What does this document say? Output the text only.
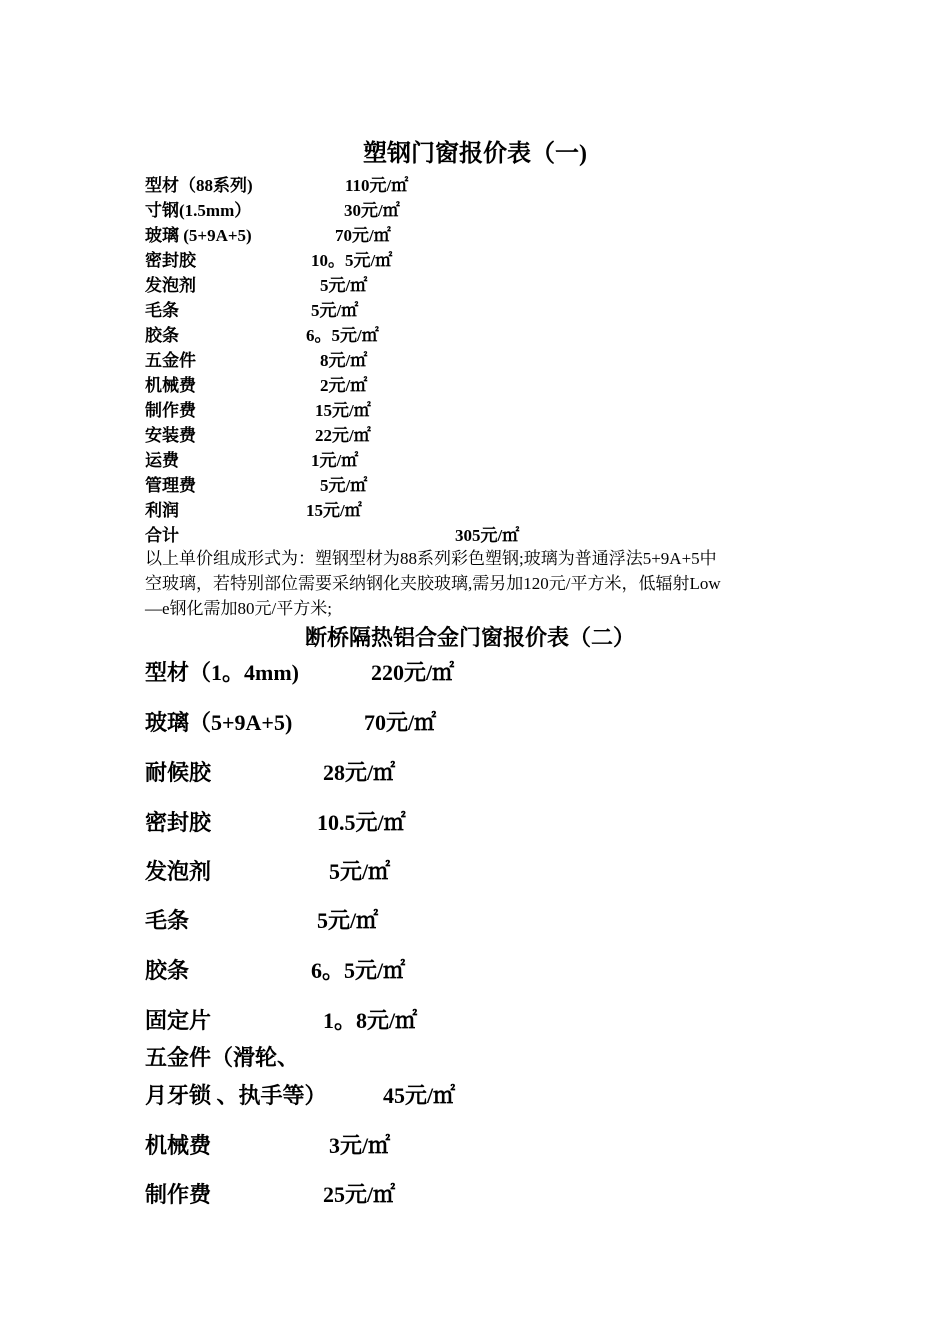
塑钢门窗报价表（一)
型材（88系列)	110元/㎡
寸钢(1.5mm）	30元/㎡
玻璃 (5+9A+5)	70元/㎡
密封胶	10。5元/㎡
发泡剂	5元/㎡
毛条	5元/㎡
胶条	6。5元/㎡
五金件	8元/㎡
机械费	2元/㎡
制作费	15元/㎡
安装费	22元/㎡
运费	1元/㎡
管理费	5元/㎡
利润	15元/㎡
合计	305元/㎡
以上单价组成形式为：塑钢型材为88系列彩色塑钢;玻璃为普通浮法5+9A+5中
空玻璃，若特别部位需要采纳钢化夹胶玻璃,需另加120元/平方米，低辐射Low
—e钢化需加80元/平方米;
断桥隔热铝合金门窗报价表（二）
型材（1。4mm)	220元/㎡
玻璃（5+9A+5)	70元/㎡
耐候胶	28元/㎡
密封胶	10.5元/㎡
发泡剂	5元/㎡
毛条	5元/㎡
胶条	6。5元/㎡
固定片	1。8元/㎡
五金件（滑轮、
月牙锁 、执手等）	45元/㎡
机械费	3元/㎡
制作费	25元/㎡
